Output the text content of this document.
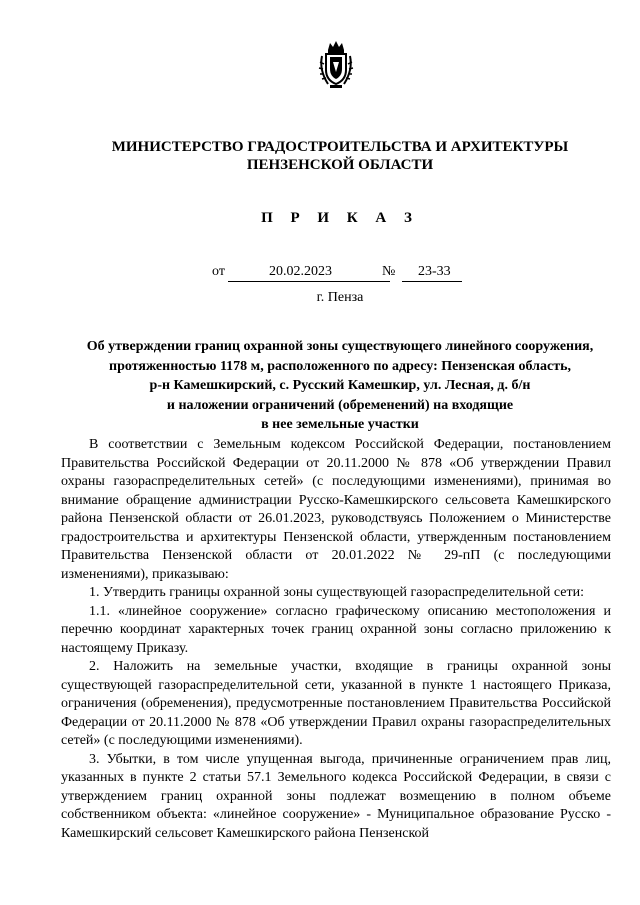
МИНИСТЕРСТВО ГРАДОСТРОИТЕЛЬСТВА И АРХИТЕКТУРЫ
ПЕНЗЕНСКОЙ ОБЛАСТИ
П Р И К А З
от	20.02.2023	№ 23-33
г. Пенза
Об утверждении границ охранной зоны существующего линейного сооружения,
протяженностью 1178 м, расположенного по адресу: Пензенская область,
р-н Камешкирский, с. Русский Камешкир, ул. Лесная, д. б/н
и наложении ограничений (обременений) на входящие
в нее земельные участки

В соответствии с Земельным кодексом Российской Федерации, постановлением Правительства Российской Федерации от 20.11.2000 № 878 «Об утверждении Правил охраны газораспределительных сетей» (с последующими изменениями), принимая во внимание обращение администрации Русско-Камешкирского сельсовета Камешкирского района Пензенской области от 26.01.2023, руководствуясь Положением о Министерстве градостроительства и архитектуры Пензенской области, утвержденным постановлением Правительства Пензенской области от 20.01.2022 № 29-пП (с последующими изменениями), приказываю:

1. Утвердить границы охранной зоны существующей газораспределительной сети:

1.1. «линейное сооружение» согласно графическому описанию местоположения и перечню координат характерных точек границ охранной зоны согласно приложению к настоящему Приказу.

2. Наложить на земельные участки, входящие в границы охранной зоны существующей газораспределительной сети, указанной в пункте 1 настоящего Приказа, ограничения (обременения), предусмотренные постановлением Правительства Российской Федерации от 20.11.2000 № 878 «Об утверждении Правил охраны газораспределительных сетей» (с последующими изменениями).

3. Убытки, в том числе упущенная выгода, причиненные ограничением прав лиц, указанных в пункте 2 статьи 57.1 Земельного кодекса Российской Федерации, в связи с утверждением границ охранной зоны подлежат возмещению в полном объеме собственником объекта: «линейное сооружение» - Муниципальное образование Русско - Камешкирский сельсовет Камешкирского района Пензенской
